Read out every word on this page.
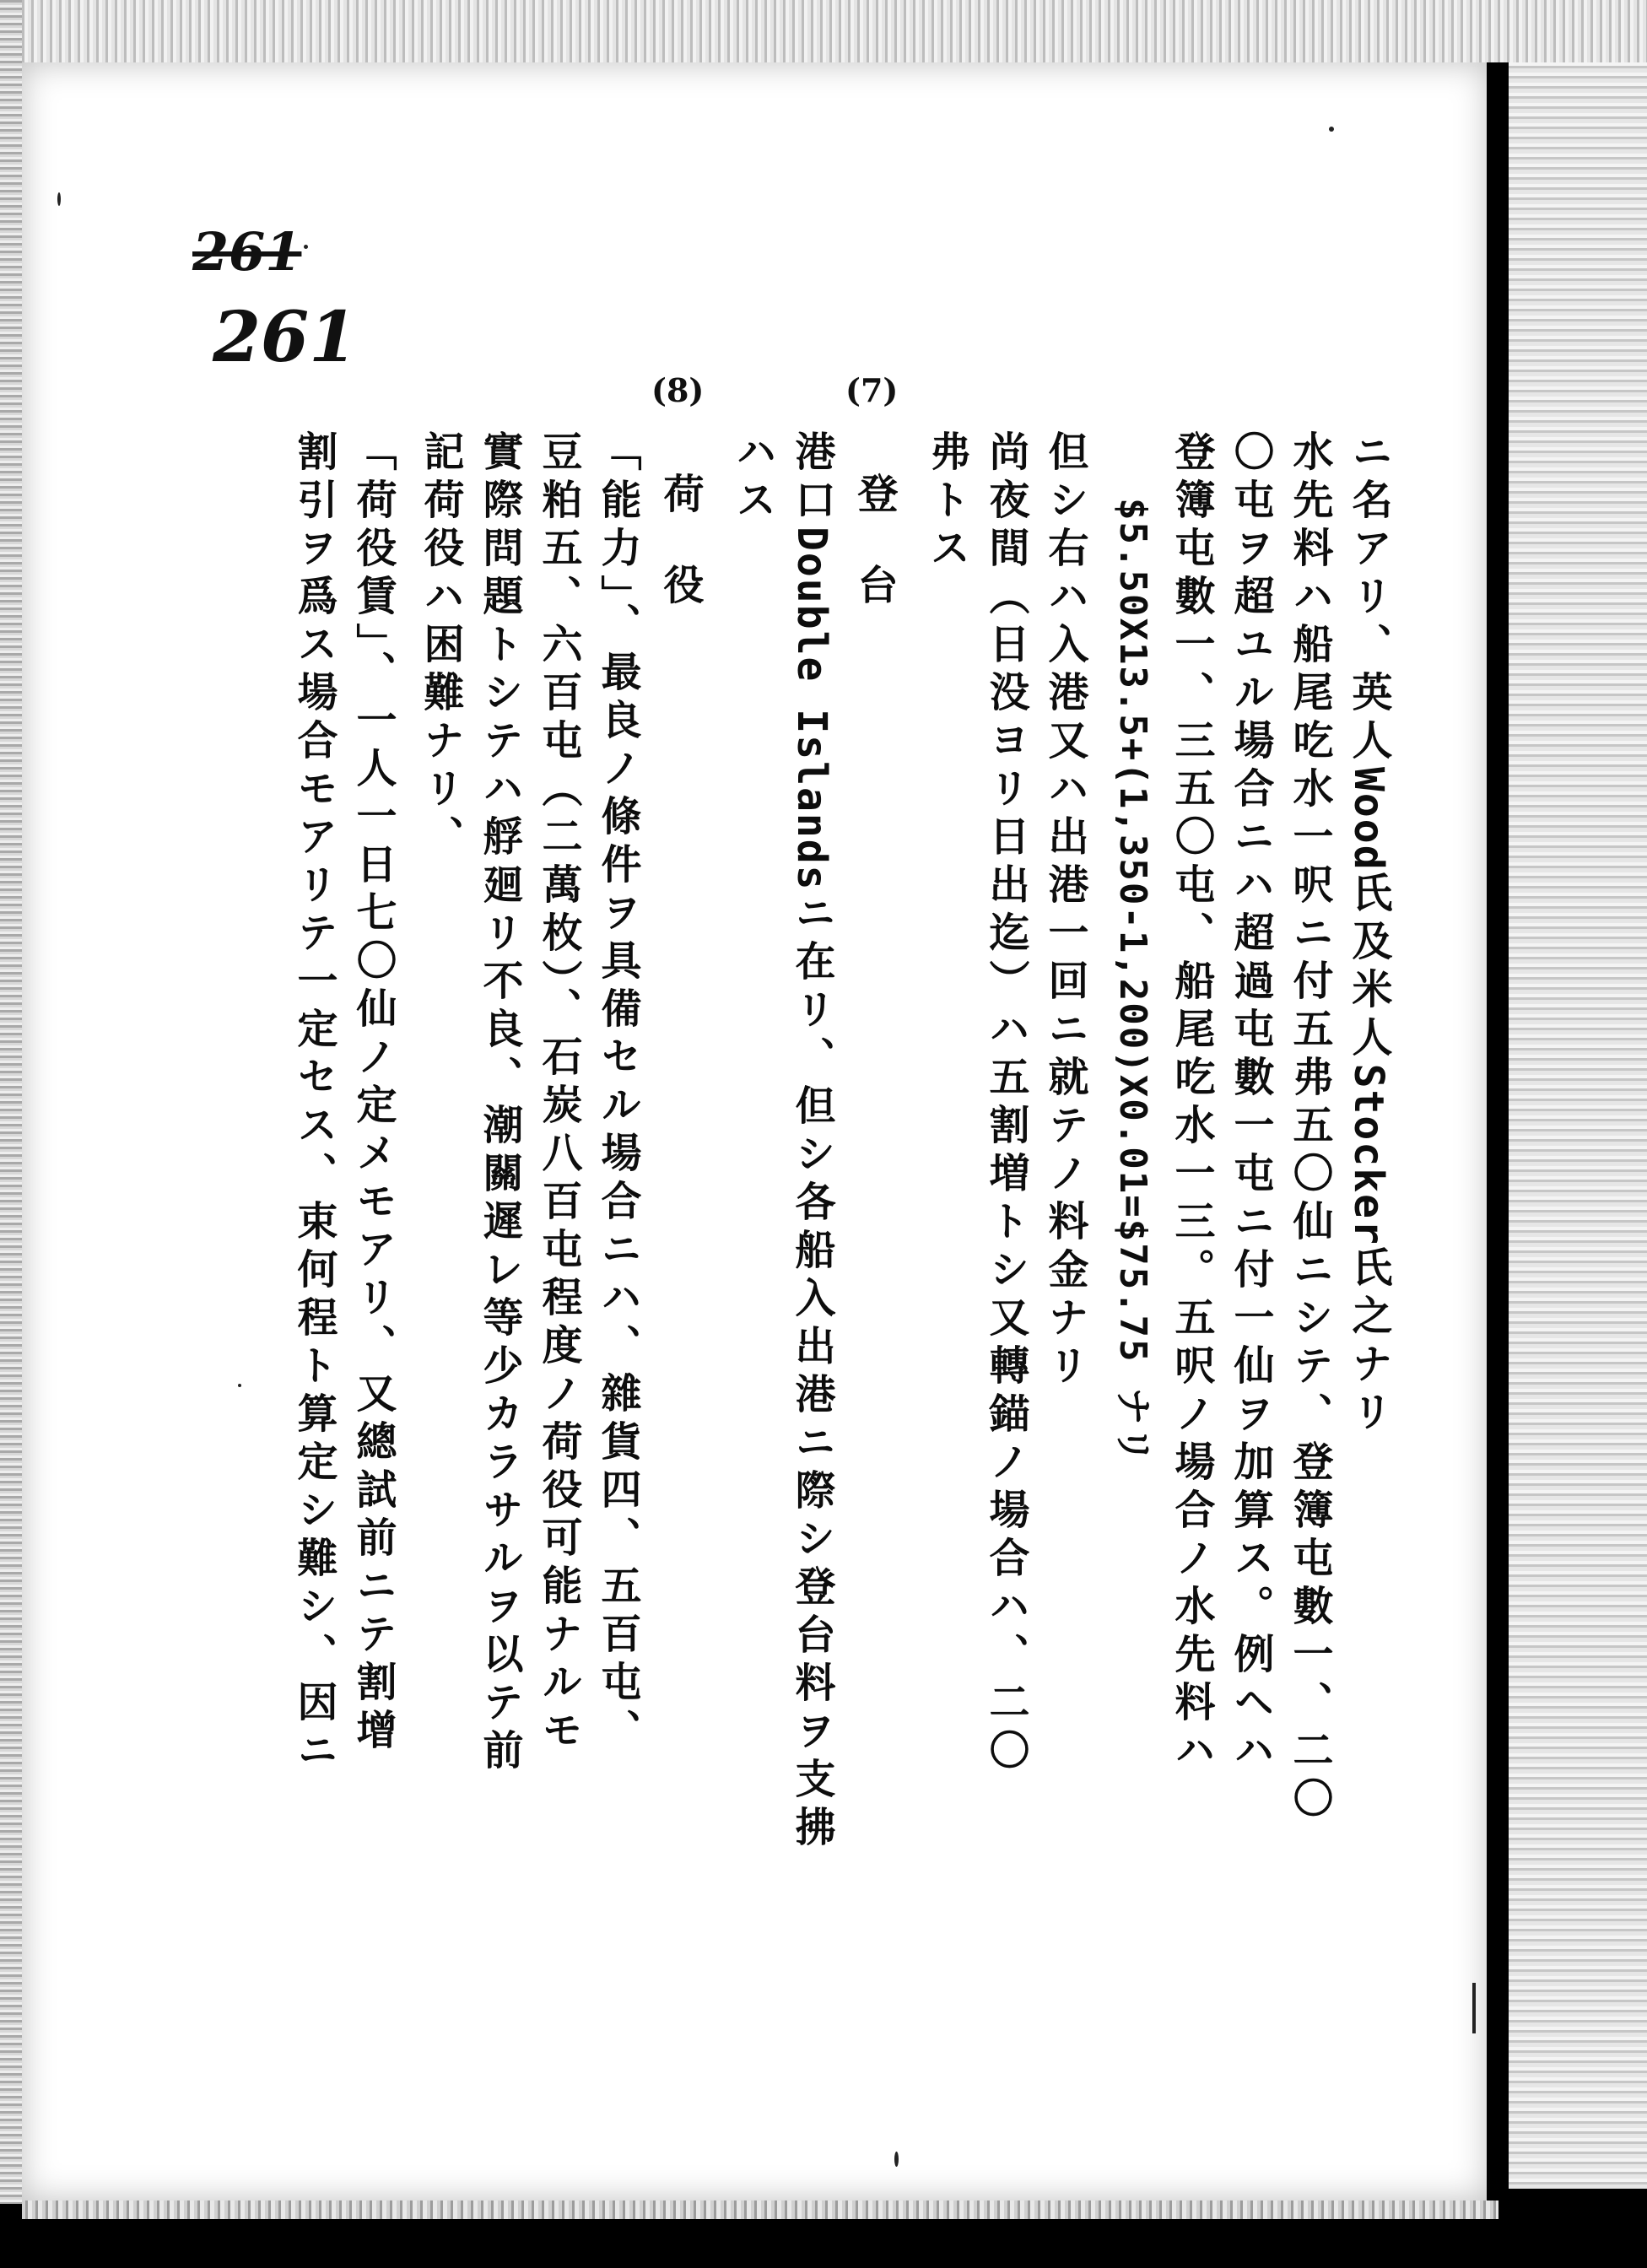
261
261
ニ名アリ、英人Wood氏及米人Stocker氏之ナリ
水先料ハ船尾吃水一呎ニ付五弗五〇仙ニシテ、登簿屯數一、二〇
〇屯ヲ超ユル場合ニハ超過屯數一屯ニ付一仙ヲ加算ス。例ヘハ
登簿屯數一、三五〇屯、船尾吃水一三。五呎ノ場合ノ水先料ハ
$5.50X13.5+(1,350-1,200)X0.01=$75.75 ナリ
但シ右ハ入港又ハ出港一回ニ就テノ料金ナリ
尚夜間（日没ヨリ日出迄）ハ五割増トシ又轉錨ノ場合ハ、二〇
弗トス
(7)
登台
港口Double Islandsニ在リ、但シ各船入出港ニ際シ登台料ヲ支拂
ハス
(8)
荷役
「能力」、最良ノ條件ヲ具備セル場合ニハ、雜貨四、五百屯、
豆粕五、六百屯（二萬枚）、石炭八百屯程度ノ荷役可能ナルモ
實際問題トシテハ艀廻リ不良、潮關遲レ等少カラサルヲ以テ前
記荷役ハ困難ナリ、
「荷役賃」、一人一日七〇仙ノ定メモアリ、又總試前ニテ割增
割引ヲ爲ス場合モアリテ一定セス、束何程ト算定シ難シ、因ニ
